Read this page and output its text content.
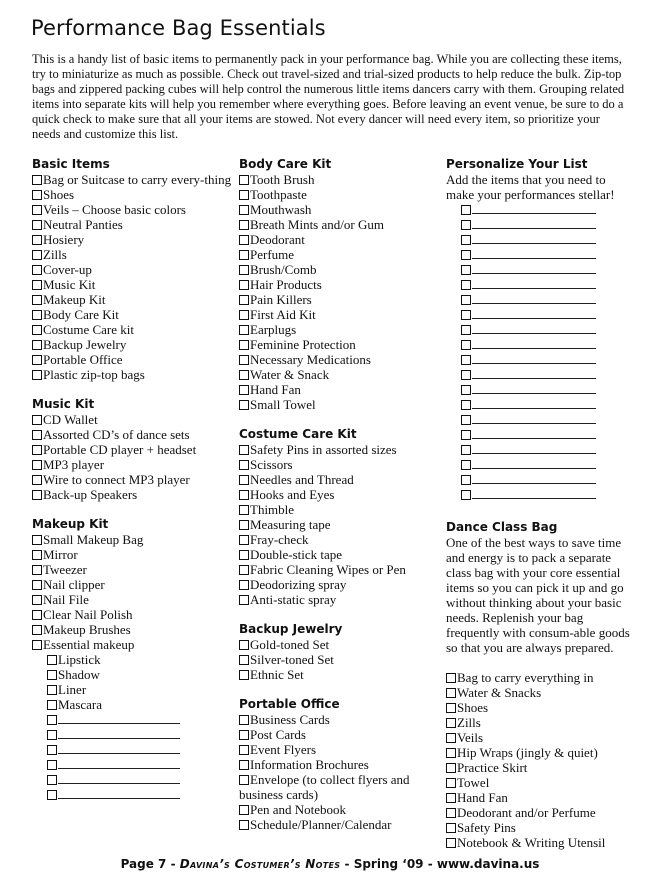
Performance Bag Essentials
This is a handy list of basic items to permanently pack in your performance bag. While you are collecting these items, try to miniaturize as much as possible. Check out travel-sized and trial-sized products to help reduce the bulk. Zip-top bags and zippered packing cubes will help control the numerous little items dancers carry with them. Grouping related items into separate kits will help you remember where everything goes. Before leaving an event venue, be sure to do a quick check to make sure that all your items are stowed. Not every dancer will need every item, so prioritize your needs and customize this list.
Basic Items
Bag or Suitcase to carry every-thing
Shoes
Veils – Choose basic colors
Neutral Panties
Hosiery
Zills
Cover-up
Music Kit
Makeup Kit
Body Care Kit
Costume Care kit
Backup Jewelry
Portable Office
Plastic zip-top bags
Music Kit
CD Wallet
Assorted CD’s of dance sets
Portable CD player + headset
MP3 player
Wire to connect MP3 player
Back-up Speakers
Makeup Kit
Small Makeup Bag
Mirror
Tweezer
Nail clipper
Nail File
Clear Nail Polish
Makeup Brushes
Essential makeup
Lipstick
Shadow
Liner
Mascara
Body Care Kit
Tooth Brush
Toothpaste
Mouthwash
Breath Mints and/or Gum
Deodorant
Perfume
Brush/Comb
Hair Products
Pain Killers
First Aid Kit
Earplugs
Feminine Protection
Necessary Medications
Water & Snack
Hand Fan
Small Towel
Costume Care Kit
Safety Pins in assorted sizes
Scissors
Needles and Thread
Hooks and Eyes
Thimble
Measuring tape
Fray-check
Double-stick tape
Fabric Cleaning Wipes or Pen
Deodorizing spray
Anti-static spray
Backup Jewelry
Gold-toned Set
Silver-toned Set
Ethnic Set
Portable Office
Business Cards
Post Cards
Event Flyers
Information Brochures
Envelope (to collect flyers and business cards)
Pen and Notebook
Schedule/Planner/Calendar
Personalize Your List

Add the items that you need to make your performances stellar!

Dance Class Bag

One of the best ways to save time and energy is to pack a separate class bag with your core essential items so you can pick it up and go without thinking about your basic needs. Replenish your bag frequently with consum-able goods so that you are always prepared.

Bag to carry everything in
Water & Snacks
Shoes
Zills
Veils
Hip Wraps (jingly & quiet)
Practice Skirt
Towel
Hand Fan
Deodorant and/or Perfume
Safety Pins
Notebook & Writing Utensil
Page 7 - Davina’s Costumer’s Notes - Spring ‘09 - www.davina.us
